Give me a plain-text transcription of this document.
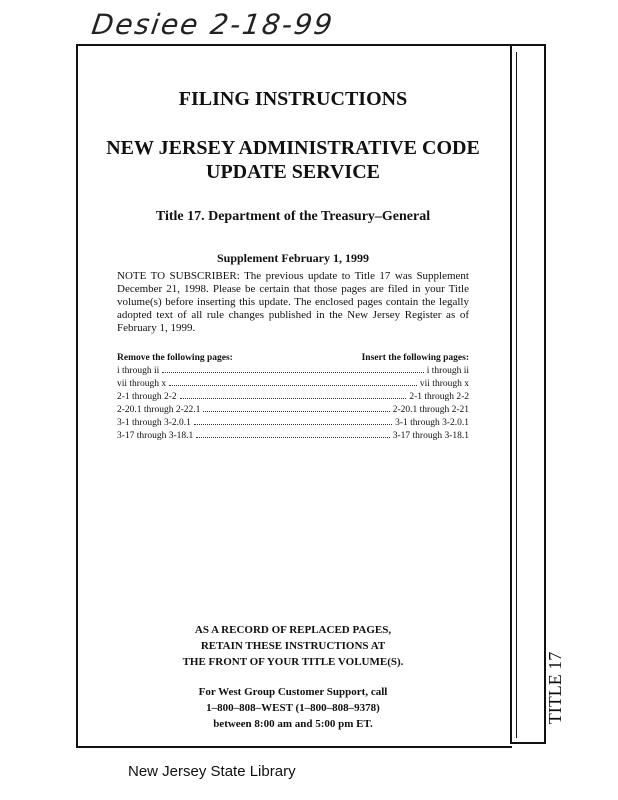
Desiee 2-18-99
TITLE 17
FILING INSTRUCTIONS
NEW JERSEY ADMINISTRATIVE CODE
UPDATE SERVICE
Title 17. Department of the Treasury–General
Supplement February 1, 1999
NOTE TO SUBSCRIBER: The previous update to Title 17 was Supplement December 21, 1998. Please be certain that those pages are filed in your Title volume(s) before inserting this update. The enclosed pages contain the legally adopted text of all rule changes published in the New Jersey Register as of February 1, 1999.
Remove the following pages:	Insert the following pages:
i through ii	i through ii
vii through x	vii through x
2-1 through 2-2	2-1 through 2-2
2-20.1 through 2-22.1	2-20.1 through 2-21
3-1 through 3-2.0.1	3-1 through 3-2.0.1
3-17 through 3-18.1	3-17 through 3-18.1
AS A RECORD OF REPLACED PAGES,
RETAIN THESE INSTRUCTIONS AT
THE FRONT OF YOUR TITLE VOLUME(S).
For West Group Customer Support, call
1–800–808–WEST (1–800–808–9378)
between 8:00 am and 5:00 pm ET.
New Jersey State Library
